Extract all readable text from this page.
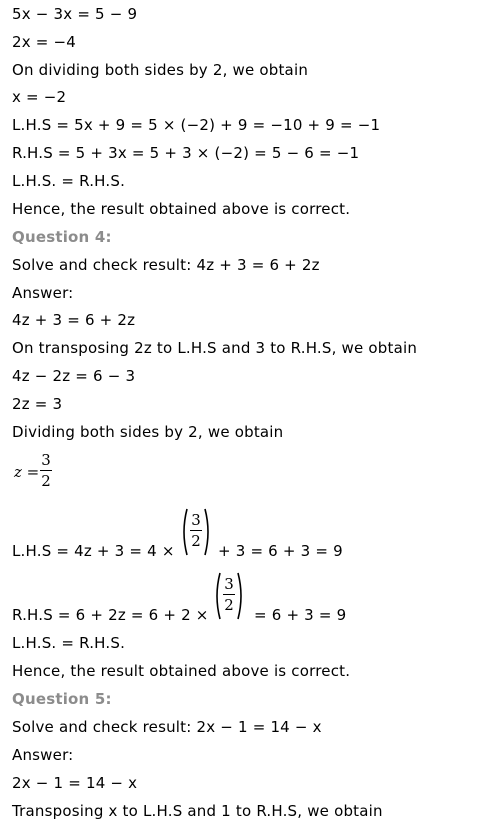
5x − 3x = 5 − 9
2x = −4
On dividing both sides by 2, we obtain
x = −2
L.H.S = 5x + 9 = 5 × (−2) + 9 = −10 + 9 = −1
R.H.S = 5 + 3x = 5 + 3 × (−2) = 5 − 6 = −1
L.H.S. = R.H.S.
Hence, the result obtained above is correct.
Question 4:
Solve and check result: 4z + 3 = 6 + 2z
Answer:
4z + 3 = 6 + 2z
On transposing 2z to L.H.S and 3 to R.H.S, we obtain
4z − 2z = 6 − 3
2z = 3
Dividing both sides by 2, we obtain
z =
3
2
L.H.S = 4z + 3 = 4 ×
3
2
+ 3 = 6 + 3 = 9
R.H.S = 6 + 2z = 6 + 2 ×
3
2
= 6 + 3 = 9
L.H.S. = R.H.S.
Hence, the result obtained above is correct.
Question 5:
Solve and check result: 2x − 1 = 14 − x
Answer:
2x − 1 = 14 − x
Transposing x to L.H.S and 1 to R.H.S, we obtain
